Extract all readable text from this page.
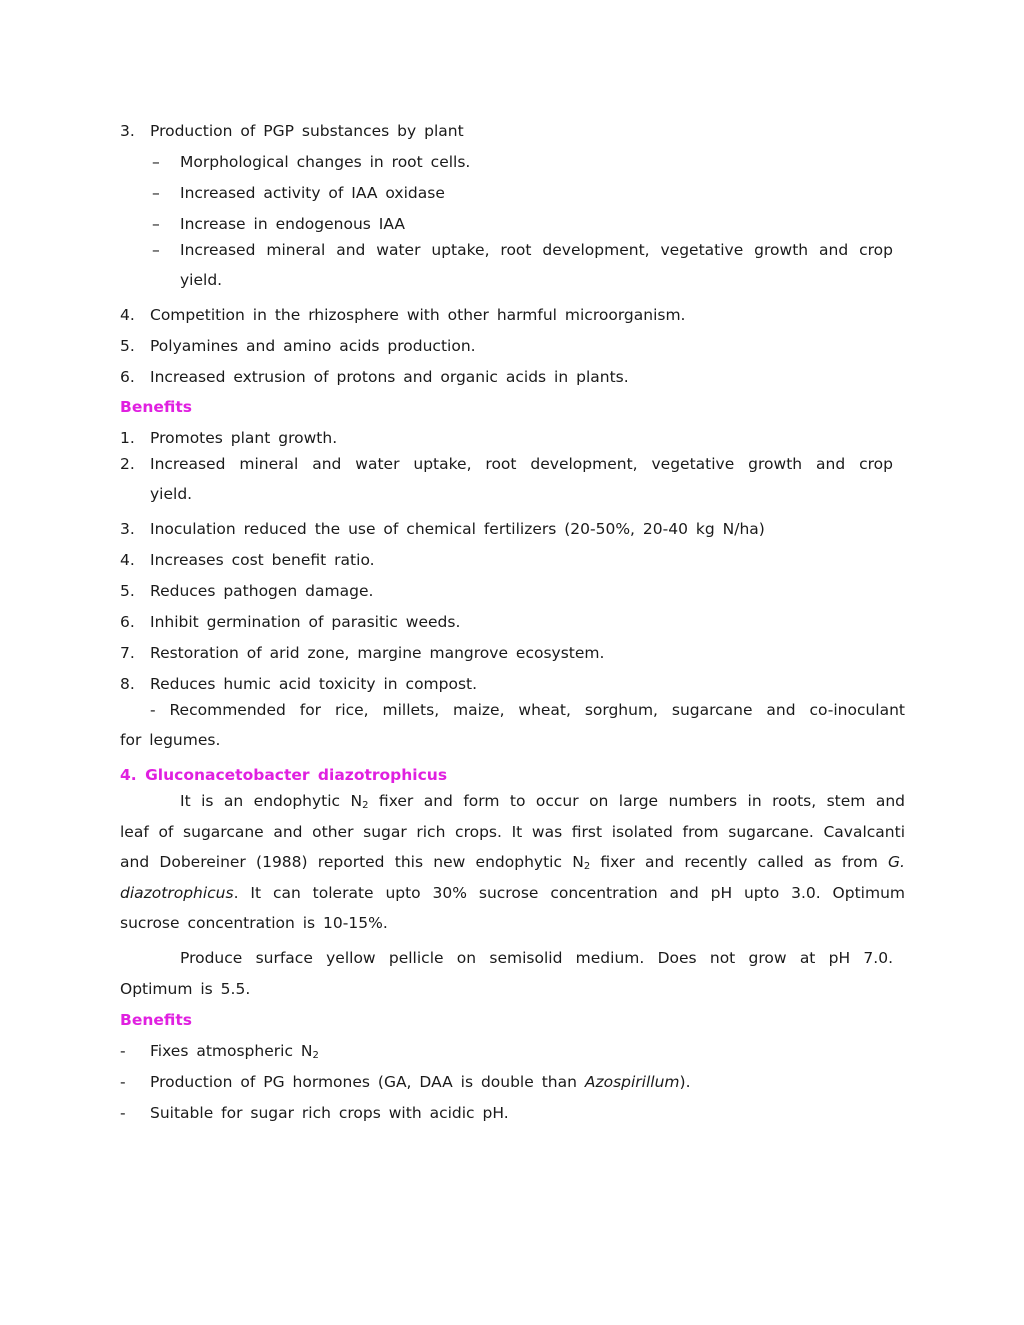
3. Production of PGP substances by plant
– Morphological changes in root cells.
– Increased activity of IAA oxidase
– Increase in endogenous IAA
– Increased mineral and water uptake, root development, vegetative growth and crop
yield.
4. Competition in the rhizosphere with other harmful microorganism.
5. Polyamines and amino acids production.
6. Increased extrusion of protons and organic acids in plants.
Benefits
1. Promotes plant growth.
2. Increased mineral and water uptake, root development, vegetative growth and crop
yield.
3. Inoculation reduced the use of chemical fertilizers (20-50%, 20-40 kg N/ha)
4. Increases cost benefit ratio.
5. Reduces pathogen damage.
6. Inhibit germination of parasitic weeds.
7. Restoration of arid zone, margine mangrove ecosystem.
8. Reduces humic acid toxicity in compost.
- Recommended for rice, millets, maize, wheat, sorghum, sugarcane and co-inoculant
for legumes.
4. Gluconacetobacter diazotrophicus
It is an endophytic $N_2$ fixer and form to occur on large numbers in roots, stem and
leaf of sugarcane and other sugar rich crops. It was first isolated from sugarcane. Cavalcanti
and Dobereiner (1988) reported this new endophytic $N_2$ fixer and recently called as from G.
diazotrophicus. It can tolerate upto 30% sucrose concentration and pH upto 3.0. Optimum
sucrose concentration is 10-15%.
Produce surface yellow pellicle on semisolid medium. Does not grow at pH 7.0.
Optimum is 5.5.
Benefits
-	Fixes atmospheric $N_2$
-	Production of PG hormones (GA, DAA is double than Azospirillum).
-	Suitable for sugar rich crops with acidic pH.
